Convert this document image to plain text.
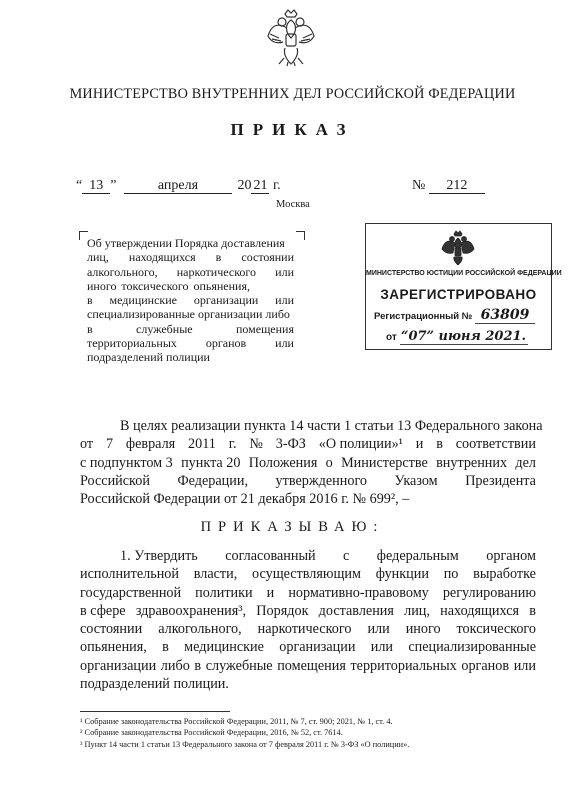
МИНИСТЕРСТВО ВНУТРЕННИХ ДЕЛ РОССИЙСКОЙ ФЕДЕРАЦИИ
ПРИКАЗ
“ 13 ”	апреля	20 21 г.	№ 212
Москва
Об утверждении Порядка доставления
лиц, находящихся в состоянии
алкогольного, наркотического или
иного токсического опьянения,
в медицинские организации или
специализированные организации либо
в	служебные	помещения
территориальных органов или
подразделений полиции
МИНИСТЕРСТВО ЮСТИЦИИ РОССИЙСКОЙ ФЕДЕРАЦИИ
ЗАРЕГИСТРИРОВАНО
Регистрационный № 63809
от “07” июня 2021.
В целях реализации пункта 14 части 1 статьи 13 Федерального закона
от 7 февраля 2011 г. № 3-ФЗ «О полиции»¹ и в соответствии
с подпунктом 3 пункта 20 Положения о Министерстве внутренних дел
Российской Федерации, утвержденного Указом Президента
Российской Федерации от 21 декабря 2016 г. № 699², –
ПРИКАЗЫВАЮ:
1. Утвердить согласованный с федеральным органом
исполнительной власти, осуществляющим функции по выработке
государственной политики и нормативно-правовому регулированию
в сфере здравоохранения³, Порядок доставления лиц, находящихся в
состоянии алкогольного, наркотического или иного токсического
опьянения, в медицинские организации или специализированные
организации либо в служебные помещения территориальных органов или
подразделений полиции.
¹ Собрание законодательства Российской Федерации, 2011, № 7, ст. 900; 2021, № 1, ст. 4.
² Собрание законодательства Российской Федерации, 2016, № 52, ст. 7614.
³ Пункт 14 части 1 статьи 13 Федерального закона от 7 февраля 2011 г. № 3-ФЗ «О полиции».
